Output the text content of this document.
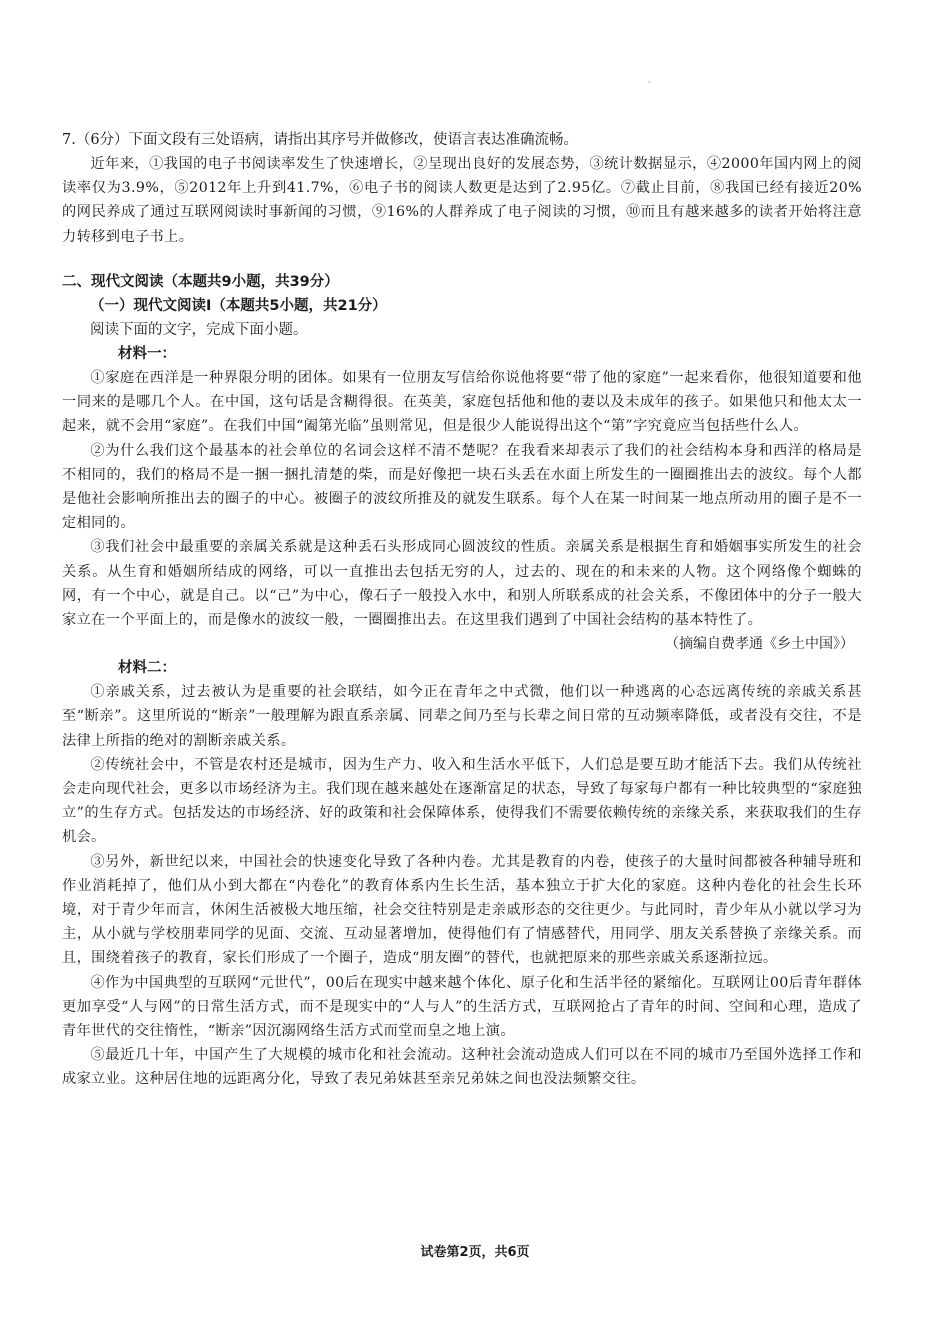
·

7.（6分）下面文段有三处语病，请指出其序号并做修改，使语言表达准确流畅。

近年来，①我国的电子书阅读率发生了快速增长，②呈现出良好的发展态势，③统计数据显示，④2000年国内网上的阅读率仅为3.9%，⑤2012年上升到41.7%，⑥电子书的阅读人数更是达到了2.95亿。⑦截止目前，⑧我国已经有接近20%的网民养成了通过互联网阅读时事新闻的习惯，⑨16%的人群养成了电子阅读的习惯，⑩而且有越来越多的读者开始将注意力转移到电子书上。

二、现代文阅读（本题共9小题，共39分）

（一）现代文阅读Ⅰ（本题共5小题，共21分）

阅读下面的文字，完成下面小题。

材料一：

①家庭在西洋是一种界限分明的团体。如果有一位朋友写信给你说他将要“带了他的家庭”一起来看你，他很知道要和他一同来的是哪几个人。在中国，这句话是含糊得很。在英美，家庭包括他和他的妻以及未成年的孩子。如果他只和他太太一起来，就不会用“家庭”。在我们中国“阖第光临”虽则常见，但是很少人能说得出这个“第”字究竟应当包括些什么人。

②为什么我们这个最基本的社会单位的名词会这样不清不楚呢？在我看来却表示了我们的社会结构本身和西洋的格局是不相同的，我们的格局不是一捆一捆扎清楚的柴，而是好像把一块石头丢在水面上所发生的一圈圈推出去的波纹。每个人都是他社会影响所推出去的圈子的中心。被圈子的波纹所推及的就发生联系。每个人在某一时间某一地点所动用的圈子是不一定相同的。

③我们社会中最重要的亲属关系就是这种丢石头形成同心圆波纹的性质。亲属关系是根据生育和婚姻事实所发生的社会关系。从生育和婚姻所结成的网络，可以一直推出去包括无穷的人，过去的、现在的和未来的人物。这个网络像个蜘蛛的网，有一个中心，就是自己。以“己”为中心，像石子一般投入水中，和别人所联系成的社会关系，不像团体中的分子一般大家立在一个平面上的，而是像水的波纹一般，一圈圈推出去。在这里我们遇到了中国社会结构的基本特性了。

（摘编自费孝通《乡土中国》）

材料二：

①亲戚关系，过去被认为是重要的社会联结，如今正在青年之中式微，他们以一种逃离的心态远离传统的亲戚关系甚至“断亲”。这里所说的“断亲”一般理解为跟直系亲属、同辈之间乃至与长辈之间日常的互动频率降低，或者没有交往，不是法律上所指的绝对的割断亲戚关系。

②传统社会中，不管是农村还是城市，因为生产力、收入和生活水平低下，人们总是要互助才能活下去。我们从传统社会走向现代社会，更多以市场经济为主。我们现在越来越处在逐渐富足的状态，导致了每家每户都有一种比较典型的“家庭独立”的生存方式。包括发达的市场经济、好的政策和社会保障体系，使得我们不需要依赖传统的亲缘关系，来获取我们的生存机会。

③另外，新世纪以来，中国社会的快速变化导致了各种内卷。尤其是教育的内卷，使孩子的大量时间都被各种辅导班和作业消耗掉了，他们从小到大都在“内卷化”的教育体系内生长生活，基本独立于扩大化的家庭。这种内卷化的社会生长环境，对于青少年而言，休闲生活被极大地压缩，社会交往特别是走亲戚形态的交往更少。与此同时，青少年从小就以学习为主，从小就与学校朋辈同学的见面、交流、互动显著增加，使得他们有了情感替代，用同学、朋友关系替换了亲缘关系。而且，围绕着孩子的教育，家长们形成了一个圈子，造成“朋友圈”的替代，也就把原来的那些亲戚关系逐渐拉远。

④作为中国典型的互联网“元世代”，00后在现实中越来越个体化、原子化和生活半径的紧缩化。互联网让00后青年群体更加享受“人与网”的日常生活方式，而不是现实中的“人与人”的生活方式，互联网抢占了青年的时间、空间和心理，造成了青年世代的交往惰性，“断亲”因沉溺网络生活方式而堂而皇之地上演。

⑤最近几十年，中国产生了大规模的城市化和社会流动。这种社会流动造成人们可以在不同的城市乃至国外选择工作和成家立业。这种居住地的远距离分化，导致了表兄弟妹甚至亲兄弟妹之间也没法频繁交往。

试卷第2页，共6页
